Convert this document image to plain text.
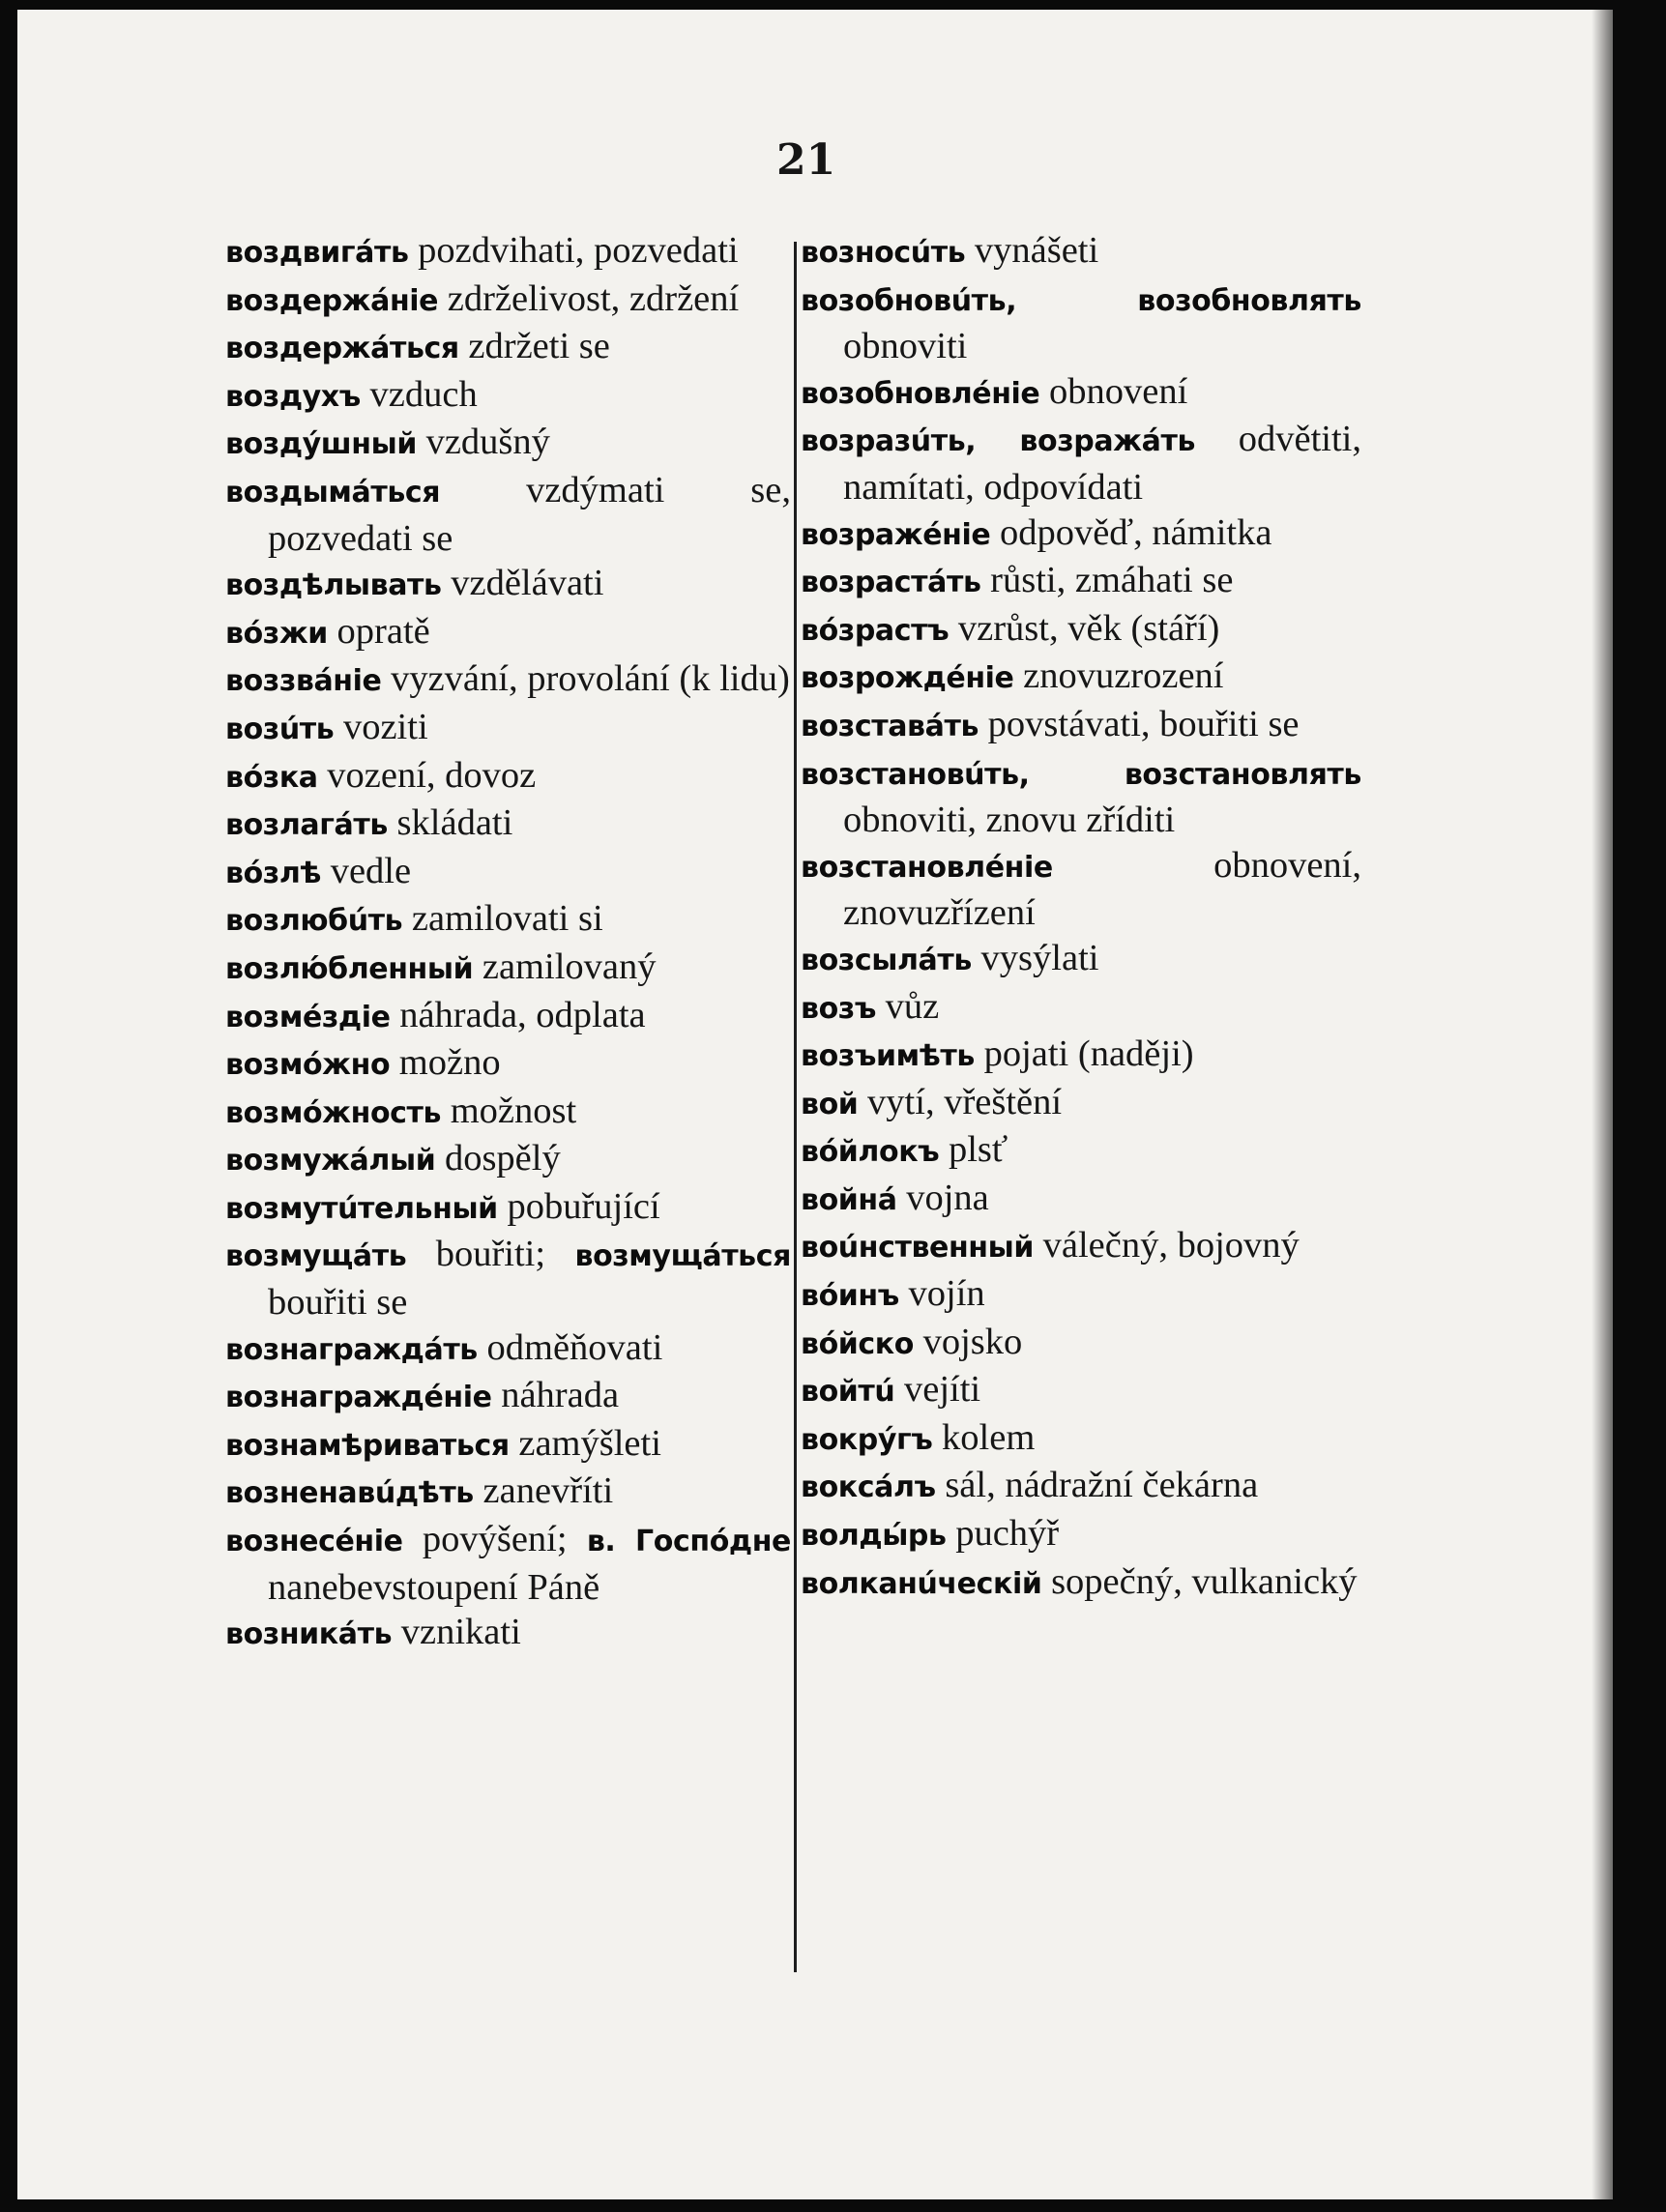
21

воздвигáть pozdvihati, pozvedati

воздержáніе zdrželivost, zdržení

воздержáться zdržeti se

воздухъ vzduch

воздýшный vzdušný

воздымáться vzdýmati se, pozvedati se

воздѣлывать vzdělávati

вóзжи opratě

воззвáніе vyzvání, provolání (k lidu)

возúть voziti

вóзка vození, dovoz

возлагáть skládati

вóзлѣ vedle

возлюбúть zamilovati si

возлю́бленный zamilovaný

возмéздіе náhrada, odplata

возмóжно možno

возмóжность možnost

возмужáлый dospělý

возмутúтельный pobuřující

возмущáть bouřiti; возмущáться bouřiti se

вознаграждáть odměňovati

вознаграждéніе náhrada

вознамѣриваться zamýšleti

возненавúдѣть zanevříti

вознесéніе povýšení; в. Госпóдне nanebevstoupení Páně

возникáть vznikati

возносúть vynášeti

возобновúть, возобновлять obnoviti

возобновлéніе obnovení

возразúть, возражáть odvětiti, namítati, odpovídati

возражéніе odpověď, námitka

возрастáть růsti, zmáhati se

вóзрастъ vzrůst, věk (stáří)

возрождéніе znovuzrození

возставáть povstávati, bouřiti se

возстановúть, возстановлять obnoviti, znovu zříditi

возстановлéніе	obnovení, znovuzřízení

возсылáть vysýlati

возъ vůz

возъимѣть pojati (naději)

вой vytí, vřeštění

вóйлокъ plsť

войнá vojna

вoúнственный válečný, bojovný

вóинъ vojín

вóйско vojsko

войтú vejíti

вокрýгъ kolem

воксáлъ sál, nádražní čekárna

волды́рь puchýř

волканúческій sopečný, vulkanický
